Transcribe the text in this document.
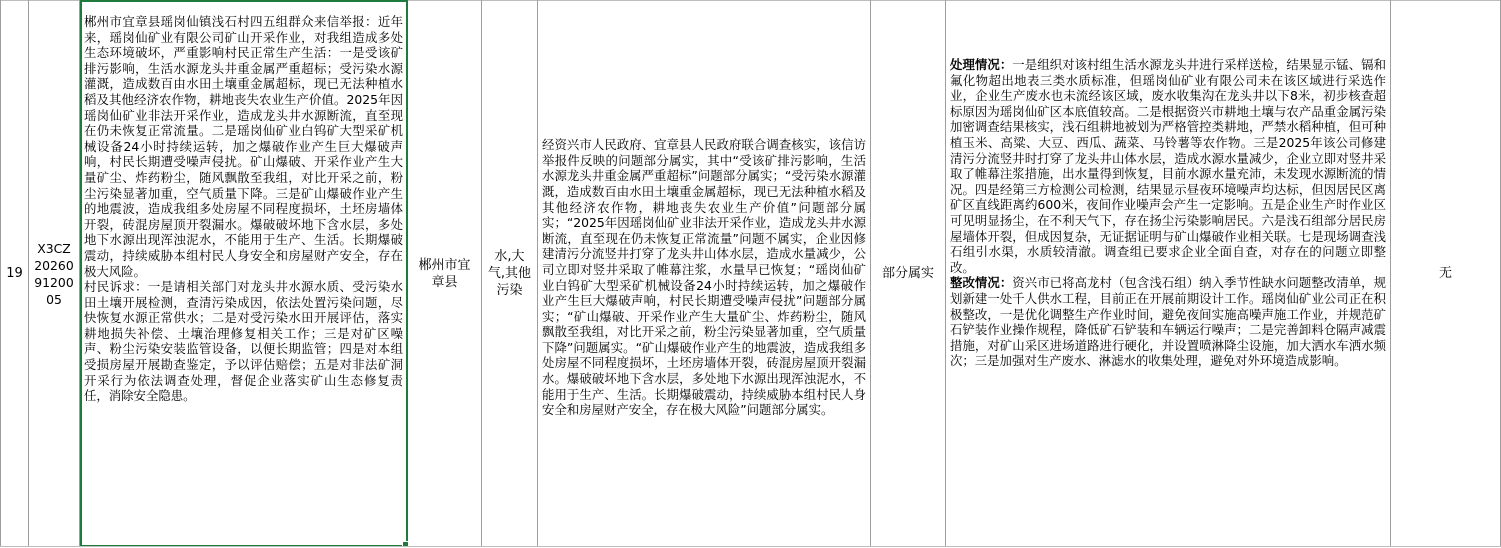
19
X3CZ2026091200 05
郴州市宜章县瑶岗仙镇浅石村四五组群众来信举报：近年来，瑶岗仙矿业有限公司矿山开采作业，对我组造成多处生态环境破坏，严重影响村民正常生产生活：一是受该矿排污影响，生活水源龙头井重金属严重超标；受污染水源灌溉，造成数百由水田土壤重金属超标，现已无法种植水稻及其他经济农作物，耕地丧失农业生产价值。2025年因瑶岗仙矿业非法开采作业，造成龙头井水源断流，直至现在仍未恢复正常流量。二是瑶岗仙矿业白钨矿大型采矿机械设备24小时持续运转，加之爆破作业产生巨大爆破声响，村民长期遭受噪声侵扰。矿山爆破、开采作业产生大量矿尘、炸药粉尘，随风飘散至我组，对比开采之前，粉尘污染显著加重，空气质量下降。三是矿山爆破作业产生的地震波，造成我组多处房屋不同程度损坏，土坯房墙体开裂，砖混房屋顶开裂漏水。爆破破坏地下含水层，多处地下水源出现浑浊泥水，不能用于生产、生活。长期爆破震动，持续威胁本组村民人身安全和房屋财产安全，存在极大风险。
村民诉求：一是请相关部门对龙头井水源水质、受污染水田土壤开展检测，查清污染成因，依法处置污染问题，尽快恢复水源正常供水；二是对受污染水田开展评估，落实耕地损失补偿、土壤治理修复相关工作；三是对矿区噪声、粉尘污染安装监管设备，以便长期监管；四是对本组受损房屋开展勘查鉴定，予以评估赔偿；五是对非法矿洞开采行为依法调查处理，督促企业落实矿山生态修复责任，消除安全隐患。
郴州市宜章县
水,大气,其他污染
经资兴市人民政府、宜章县人民政府联合调查核实，该信访举报件反映的问题部分属实，其中“受该矿排污影响，生活水源龙头井重金属严重超标”问题部分属实；“受污染水源灌溉，造成数百由水田土壤重金属超标，现已无法种植水稻及其他经济农作物，耕地丧失农业生产价值”问题部分属实；“2025年因瑶岗仙矿业非法开采作业，造成龙头井水源断流，直至现在仍未恢复正常流量”问题不属实，企业因修建清污分流竖井打穿了龙头井山体水层，造成水量减少，公司立即对竖井采取了帷幕注浆，水量早已恢复；“瑶岗仙矿业白钨矿大型采矿机械设备24小时持续运转，加之爆破作业产生巨大爆破声响，村民长期遭受噪声侵扰”问题部分属实；“矿山爆破、开采作业产生大量矿尘、炸药粉尘，随风飘散至我组，对比开采之前，粉尘污染显著加重，空气质量下降”问题属实。“矿山爆破作业产生的地震波，造成我组多处房屋不同程度损坏，土坯房墙体开裂，砖混房屋顶开裂漏水。爆破破坏地下含水层，多处地下水源出现浑浊泥水，不能用于生产、生活。长期爆破震动，持续威胁本组村民人身安全和房屋财产安全，存在极大风险”问题部分属实。
部分属实
处理情况：一是组织对该村组生活水源龙头井进行采样送检，结果显示锰、镉和氟化物超出地表三类水质标准，但瑶岗仙矿业有限公司未在该区域进行采选作业，企业生产废水也未流经该区域，废水收集沟在龙头井以下8米，初步核查超标原因为瑶岗仙矿区本底值较高。二是根据资兴市耕地土壤与农产品重金属污染加密调查结果核实，浅石组耕地被划为严格管控类耕地，严禁水稻种植，但可种植玉米、高粱、大豆、西瓜、蔬菜、马铃薯等农作物。三是2025年该公司修建清污分流竖井时打穿了龙头井山体水层，造成水源水量减少，企业立即对竖井采取了帷幕注浆措施，出水量得到恢复，目前水源水量充沛，未发现水源断流的情况。四是经第三方检测公司检测，结果显示昼夜环境噪声均达标，但因居民区离矿区直线距离约600米，夜间作业噪声会产生一定影响。五是企业生产时作业区可见明显扬尘，在不利天气下，存在扬尘污染影响居民。六是浅石组部分居民房屋墙体开裂，但成因复杂，无证据证明与矿山爆破作业相关联。七是现场调查浅石组引水渠，水质较清澈。调查组已要求企业全面自查，对存在的问题立即整改。
整改情况：资兴市已将高龙村（包含浅石组）纳入季节性缺水问题整改清单，规划新建一处千人供水工程，目前正在开展前期设计工作。瑶岗仙矿业公司正在积极整改，一是优化调整生产作业时间，避免夜间实施高噪声施工作业，并规范矿石铲装作业操作规程，降低矿石铲装和车辆运行噪声；二是完善卸料仓隔声减震措施，对矿山采区进场道路进行硬化，并设置喷淋降尘设施，加大洒水车洒水频次；三是加强对生产废水、淋滤水的收集处理，避免对外环境造成影响。
无
